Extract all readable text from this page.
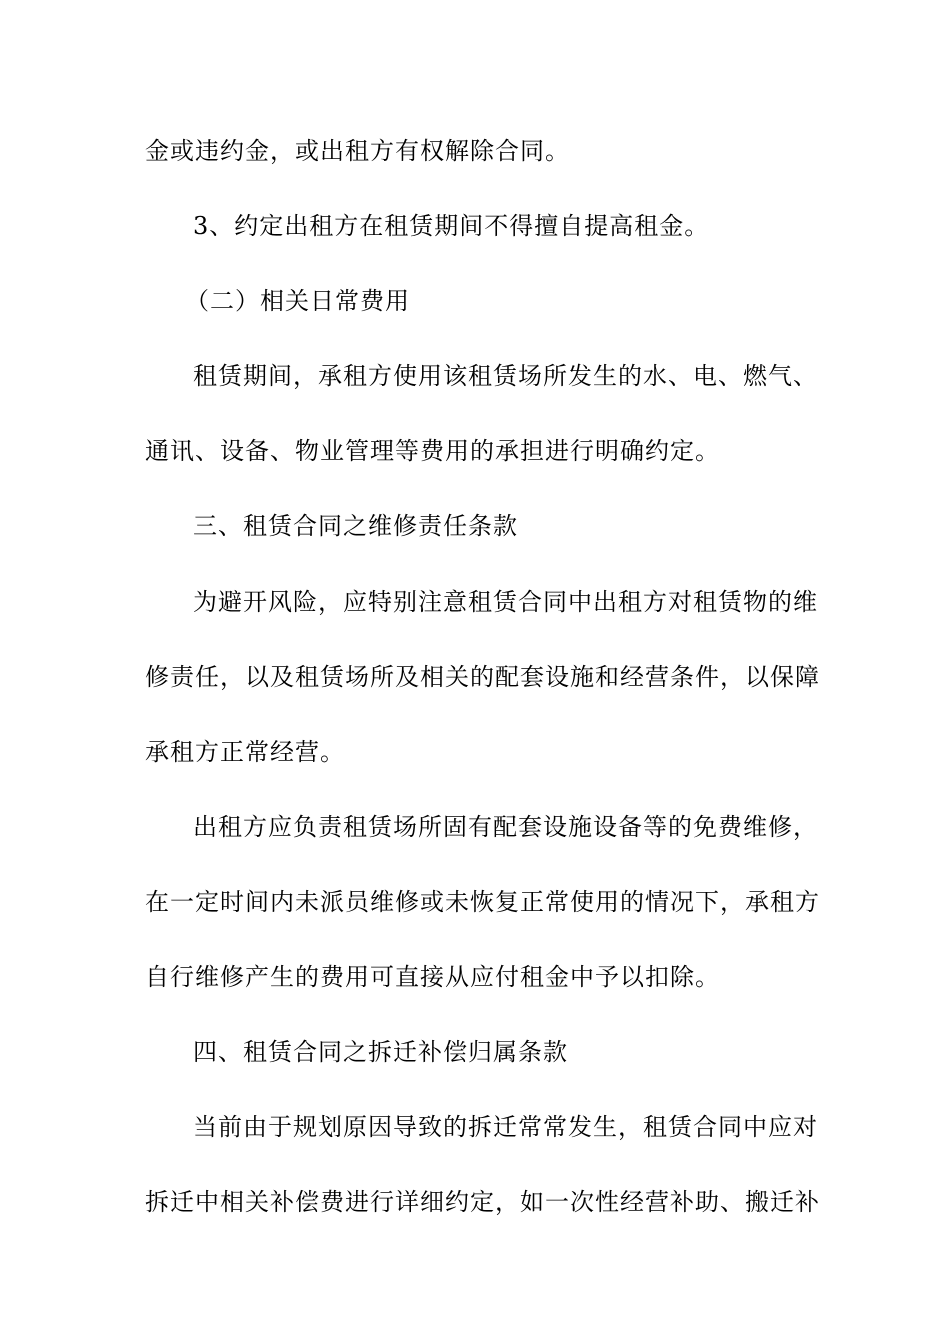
金或违约金，或出租方有权解除合同。
3、约定出租方在租赁期间不得擅自提高租金。
（二）相关日常费用
租赁期间，承租方使用该租赁场所发生的水、电、燃气、
通讯、设备、物业管理等费用的承担进行明确约定。
三、租赁合同之维修责任条款
为避开风险，应特别注意租赁合同中出租方对租赁物的维
修责任，以及租赁场所及相关的配套设施和经营条件，以保障
承租方正常经营。
出租方应负责租赁场所固有配套设施设备等的免费维修，
在一定时间内未派员维修或未恢复正常使用的情况下，承租方
自行维修产生的费用可直接从应付租金中予以扣除。
四、租赁合同之拆迁补偿归属条款
当前由于规划原因导致的拆迁常常发生，租赁合同中应对
拆迁中相关补偿费进行详细约定，如一次性经营补助、搬迁补
